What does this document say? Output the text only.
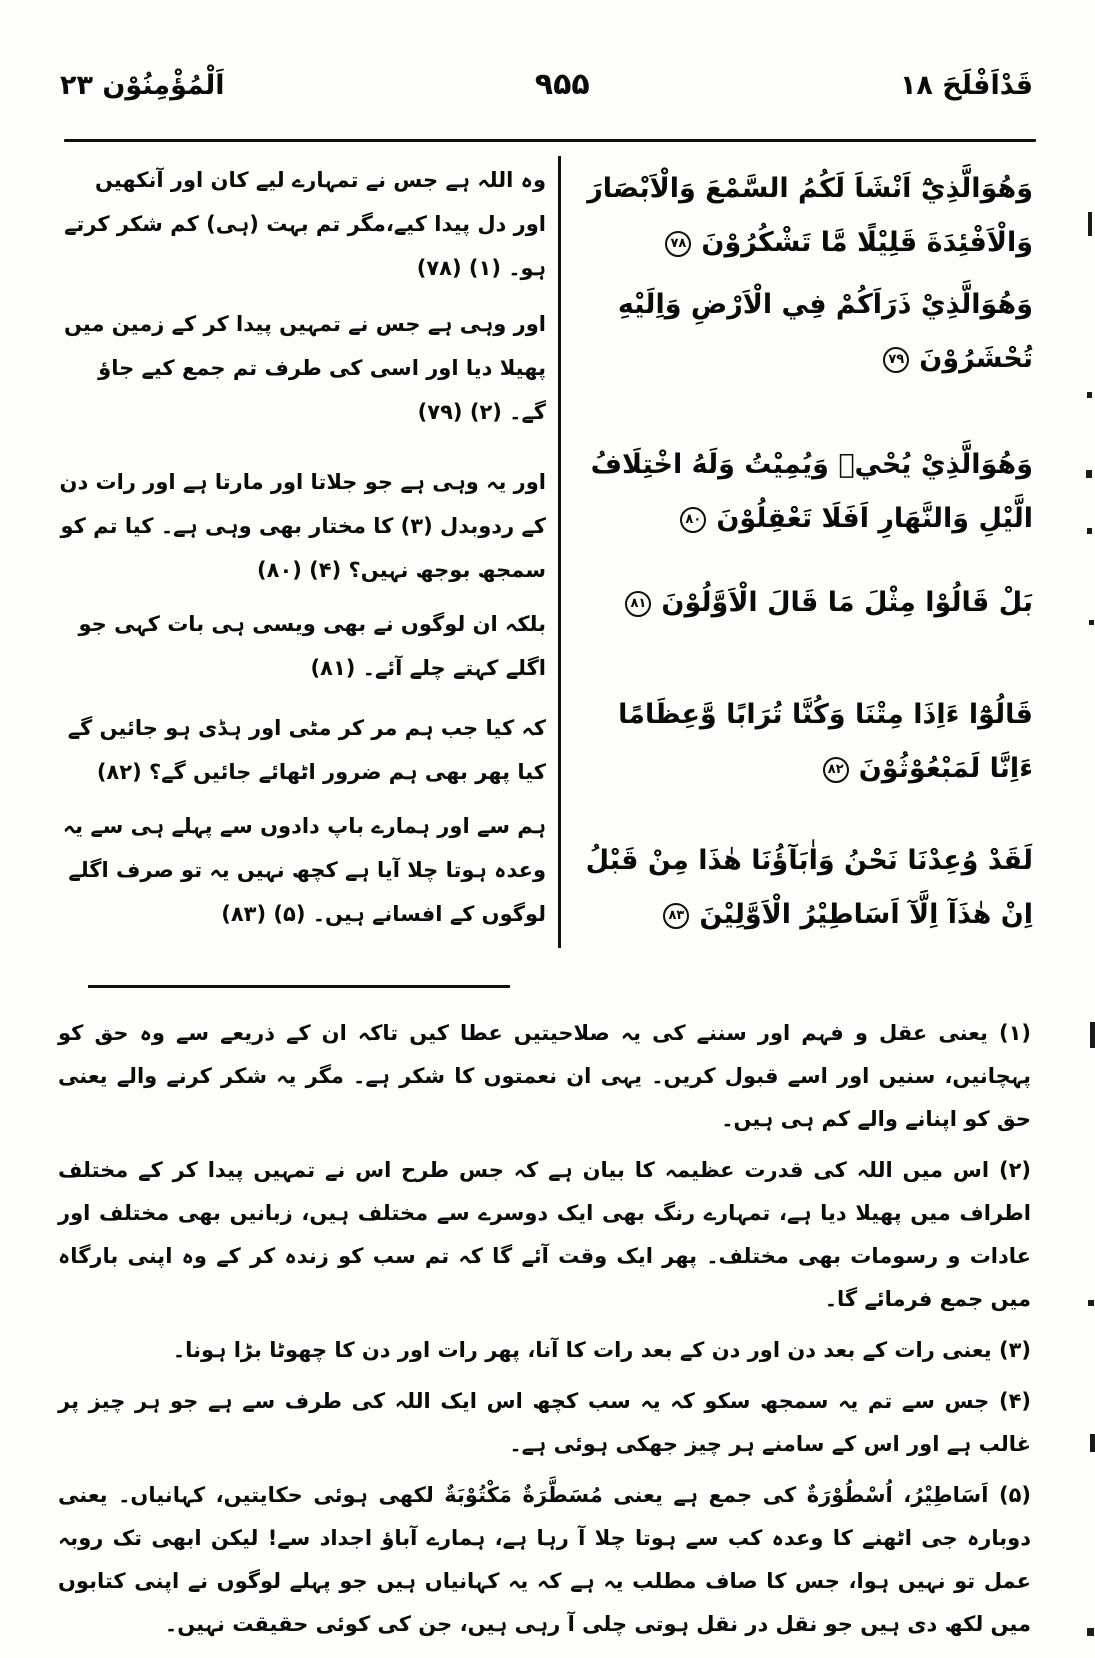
قَدْاَفْلَحَ ۱۸
۹۵۵
اَلْمُؤْمِنُوْن ۲۳

وَهُوَالَّذِيْٓ اَنْشَاَ لَكُمُ السَّمْعَ وَالْاَبْصَارَ وَالْاَفْئِدَةَ قَلِيْلًا مَّا تَشْكُرُوْنَ٧٨

وَهُوَالَّذِيْ ذَرَاَكُمْ فِي الْاَرْضِ وَاِلَيْهِ تُحْشَرُوْنَ٧٩

وَهُوَالَّذِيْ يُحْيٖ وَيُمِيْتُ وَلَهُ اخْتِلَافُ الَّيْلِ وَالنَّهَارِ اَفَلَا تَعْقِلُوْنَ٨٠

بَلْ قَالُوْا مِثْلَ مَا قَالَ الْاَوَّلُوْنَ٨١

قَالُوْٓا ءَاِذَا مِتْنَا وَكُنَّا تُرَابًا وَّعِظَامًا ءَاِنَّا لَمَبْعُوْثُوْنَ٨٢

لَقَدْ وُعِدْنَا نَحْنُ وَاٰبَآؤُنَا هٰذَا مِنْ قَبْلُ اِنْ هٰذَآ اِلَّآ اَسَاطِيْرُ الْاَوَّلِيْنَ٨٣

وہ اللہ ہے جس نے تمہارے لیے کان اور آنکھیں اور دل پیدا کیے،مگر تم بہت (ہی) کم شکر کرتے ہو۔ (۱) (۷۸)

اور وہی ہے جس نے تمہیں پیدا کر کے زمین میں پھیلا دیا اور اسی کی طرف تم جمع کیے جاؤ گے۔ (۲) (۷۹)

اور یہ وہی ہے جو جلاتا اور مارتا ہے اور رات دن کے ردوبدل (۳) کا مختار بھی وہی ہے۔ کیا تم کو سمجھ بوجھ نہیں؟ (۴) (۸۰)

بلکہ ان لوگوں نے بھی ویسی ہی بات کہی جو اگلے کہتے چلے آئے۔ (۸۱)

کہ کیا جب ہم مر کر مٹی اور ہڈی ہو جائیں گے کیا پھر بھی ہم ضرور اٹھائے جائیں گے؟ (۸۲)

ہم سے اور ہمارے باپ دادوں سے پہلے ہی سے یہ وعدہ ہوتا چلا آیا ہے کچھ نہیں یہ تو صرف اگلے لوگوں کے افسانے ہیں۔ (۵) (۸۳)

(۱) یعنی عقل و فہم اور سننے کی یہ صلاحیتیں عطا کیں تاکہ ان کے ذریعے سے وہ حق کو پہچانیں، سنیں اور اسے قبول کریں۔ یہی ان نعمتوں کا شکر ہے۔ مگر یہ شکر کرنے والے یعنی حق کو اپنانے والے کم ہی ہیں۔

(۲) اس میں اللہ کی قدرت عظیمہ کا بیان ہے کہ جس طرح اس نے تمہیں پیدا کر کے مختلف اطراف میں پھیلا دیا ہے، تمہارے رنگ بھی ایک دوسرے سے مختلف ہیں، زبانیں بھی مختلف اور عادات و رسومات بھی مختلف۔ پھر ایک وقت آئے گا کہ تم سب کو زندہ کر کے وہ اپنی بارگاہ میں جمع فرمائے گا۔

(۳) یعنی رات کے بعد دن اور دن کے بعد رات کا آنا، پھر رات اور دن کا چھوٹا بڑا ہونا۔

(۴) جس سے تم یہ سمجھ سکو کہ یہ سب کچھ اس ایک اللہ کی طرف سے ہے جو ہر چیز پر غالب ہے اور اس کے سامنے ہر چیز جھکی ہوئی ہے۔

(۵) اَسَاطِيْرُ، اُسْطُوْرَةٌ کی جمع ہے یعنی مُسَطَّرَةٌ مَكْتُوْبَةٌ لکھی ہوئی حکایتیں، کہانیاں۔ یعنی دوبارہ جی اٹھنے کا وعدہ کب سے ہوتا چلا آ رہا ہے، ہمارے آباؤ اجداد سے! لیکن ابھی تک روبہ عمل تو نہیں ہوا، جس کا صاف مطلب یہ ہے کہ یہ کہانیاں ہیں جو پہلے لوگوں نے اپنی کتابوں میں لکھ دی ہیں جو نقل در نقل ہوتی چلی آ رہی ہیں، جن کی کوئی حقیقت نہیں۔
